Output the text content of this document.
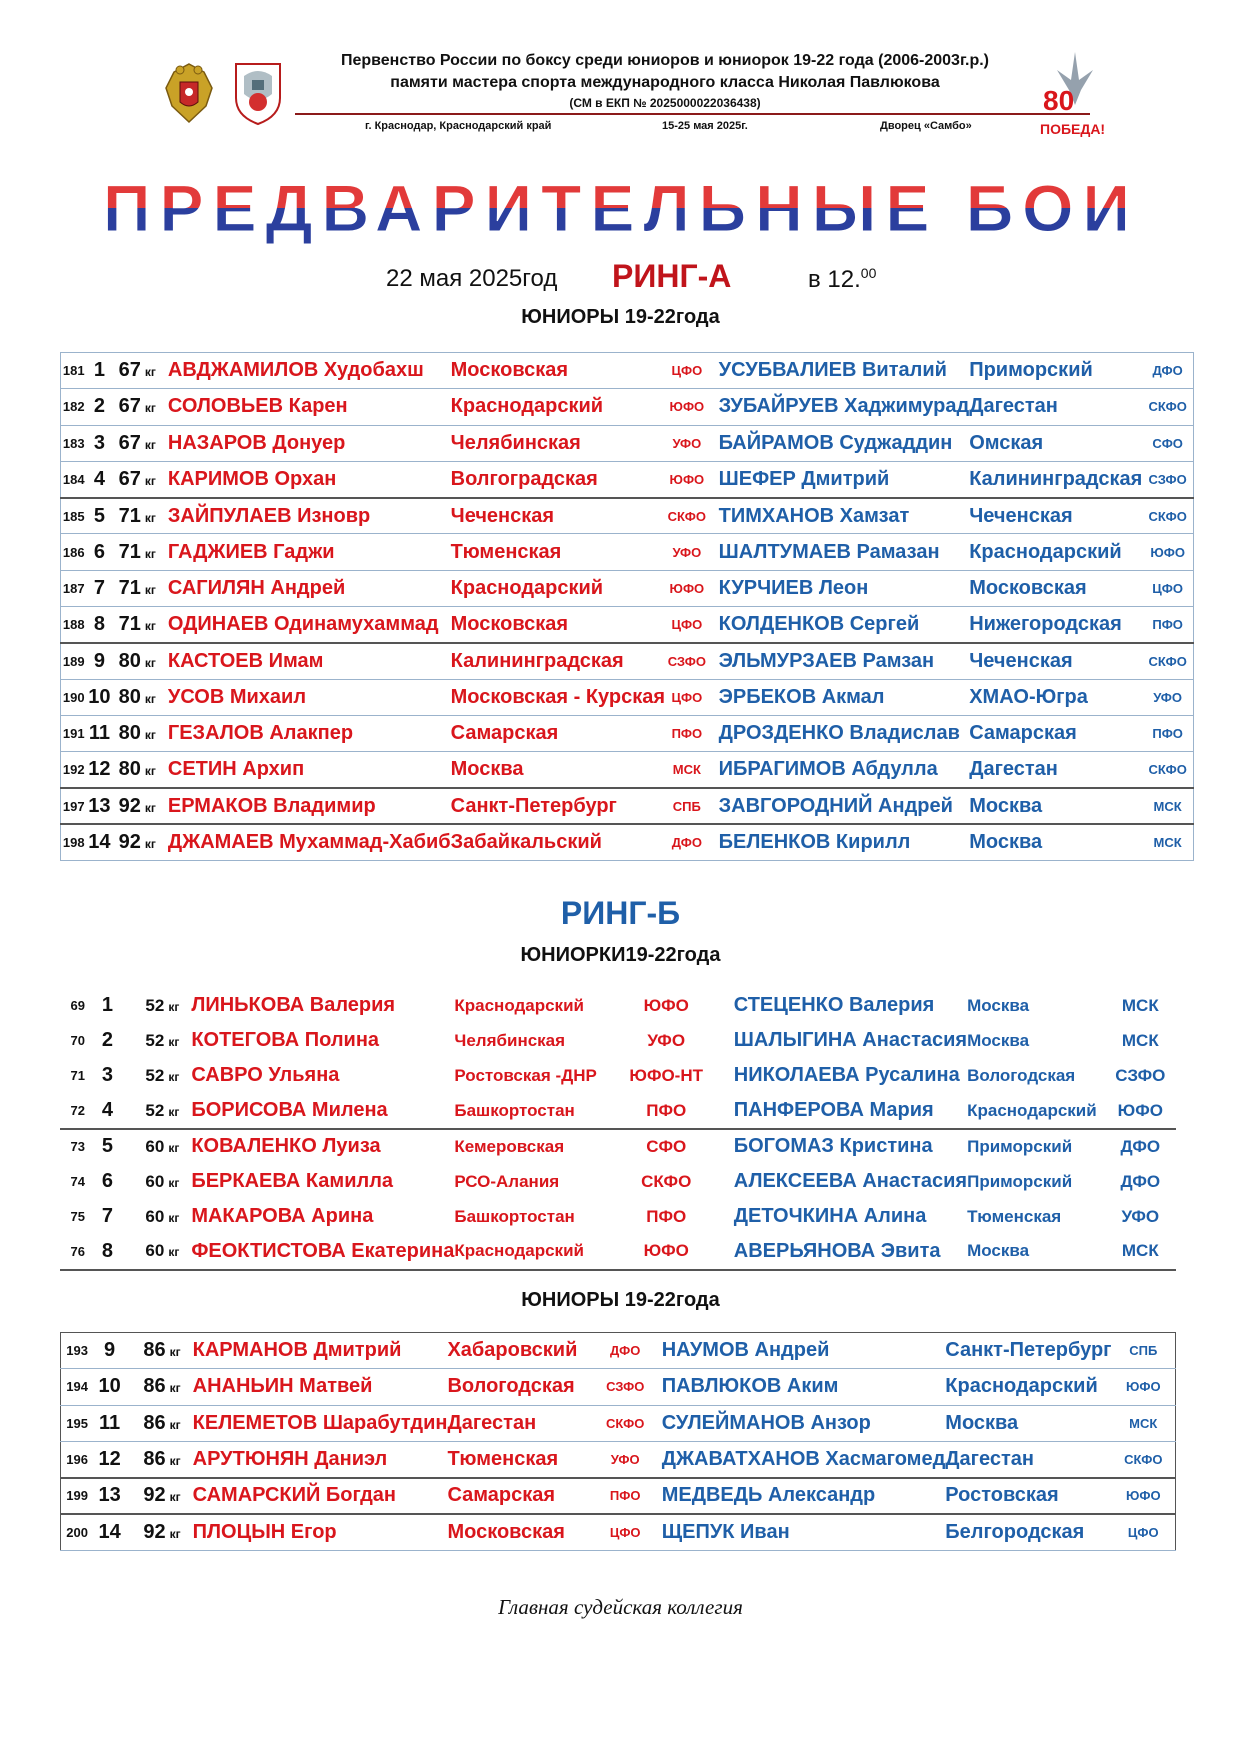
Первенство России по боксу среди юниоров и юниорок 19-22 года (2006-2003г.р.)
памяти мастера спорта международного класса Николая Павлюкова
(СМ в ЕКП № 2025000022036438)
г. Краснодар, Краснодарский край	15-25 мая 2025г.	Дворец «Самбо»
80
ПОБЕДА!
ПРЕДВАРИТЕЛЬНЫЕ БОИ
22 мая 2025год РИНГ-А	в 12.00
ЮНИОРЫ 19-22года
181	1	67 кг	АВДЖАМИЛОВ Худобахш	Московская	ЦФО	УСУБВАЛИЕВ Виталий	Приморский	ДФО
182	2	67 кг	СОЛОВЬЕВ Карен	Краснодарский	ЮФО	ЗУБАЙРУЕВ Хаджимурад	Дагестан	СКФО
183	3	67 кг	НАЗАРОВ Донуер	Челябинская	УФО	БАЙРАМОВ Суджаддин	Омская	СФО
184	4	67 кг	КАРИМОВ Орхан	Волгоградская	ЮФО	ШЕФЕР Дмитрий	Калининградская	СЗФО
185	5	71 кг	ЗАЙПУЛАЕВ Изновр	Чеченская	СКФО	ТИМХАНОВ Хамзат	Чеченская	СКФО
186	6	71 кг	ГАДЖИЕВ Гаджи	Тюменская	УФО	ШАЛТУМАЕВ Рамазан	Краснодарский	ЮФО
187	7	71 кг	САГИЛЯН Андрей	Краснодарский	ЮФО	КУРЧИЕВ Леон	Московская	ЦФО
188	8	71 кг	ОДИНАЕВ Одинамухаммад	Московская	ЦФО	КОЛДЕНКОВ Сергей	Нижегородская	ПФО
189	9	80 кг	КАСТОЕВ Имам	Калининградская	СЗФО	ЭЛЬМУРЗАЕВ Рамзан	Чеченская	СКФО
190	10	80 кг	УСОВ Михаил	Московская - Курская	ЦФО	ЭРБЕКОВ Акмал	ХМАО-Югра	УФО
191	11	80 кг	ГЕЗАЛОВ Алакпер	Самарская	ПФО	ДРОЗДЕНКО Владислав	Самарская	ПФО
192	12	80 кг	СЕТИН Архип	Москва	МСК	ИБРАГИМОВ Абдулла	Дагестан	СКФО
197	13	92 кг	ЕРМАКОВ Владимир	Санкт-Петербург	СПБ	ЗАВГОРОДНИЙ Андрей	Москва	МСК
198	14	92 кг	ДЖАМАЕВ Мухаммад-Хабиб	Забайкальский	ДФО	БЕЛЕНКОВ Кирилл	Москва	МСК
РИНГ-Б
ЮНИОРКИ19-22года
69	1	52 кг	ЛИНЬКОВА Валерия	Краснодарский	ЮФО	СТЕЦЕНКО Валерия	Москва	МСК
70	2	52 кг	КОТЕГОВА Полина	Челябинская	УФО	ШАЛЫГИНА Анастасия	Москва	МСК
71	3	52 кг	САВРО Ульяна	Ростовская -ДНР	ЮФО-НТ	НИКОЛАЕВА Русалина	Вологодская	СЗФО
72	4	52 кг	БОРИСОВА Милена	Башкортостан	ПФО	ПАНФЕРОВА Мария	Краснодарский	ЮФО
73	5	60 кг	КОВАЛЕНКО Луиза	Кемеровская	СФО	БОГОМАЗ Кристина	Приморский	ДФО
74	6	60 кг	БЕРКАЕВА Камилла	РСО-Алания	СКФО	АЛЕКСЕЕВА Анастасия	Приморский	ДФО
75	7	60 кг	МАКАРОВА Арина	Башкортостан	ПФО	ДЕТОЧКИНА Алина	Тюменская	УФО
76	8	60 кг	ФЕОКТИСТОВА Екатерина	Краснодарский	ЮФО	АВЕРЬЯНОВА Эвита	Москва	МСК
ЮНИОРЫ 19-22года
193	9	86 кг	КАРМАНОВ Дмитрий	Хабаровский	ДФО	НАУМОВ Андрей	Санкт-Петербург	СПБ
194	10	86 кг	АНАНЬИН Матвей	Вологодская	СЗФО	ПАВЛЮКОВ Аким	Краснодарский	ЮФО
195	11	86 кг	КЕЛЕМЕТОВ Шарабутдин	Дагестан	СКФО	СУЛЕЙМАНОВ Анзор	Москва	МСК
196	12	86 кг	АРУТЮНЯН Даниэл	Тюменская	УФО	ДЖАВАТХАНОВ Хасмагомед	Дагестан	СКФО
199	13	92 кг	САМАРСКИЙ Богдан	Самарская	ПФО	МЕДВЕДЬ Александр	Ростовская	ЮФО
200	14	92 кг	ПЛОЦЫН Егор	Московская	ЦФО	ЩЕПУК Иван	Белгородская	ЦФО
Главная судейская коллегия
